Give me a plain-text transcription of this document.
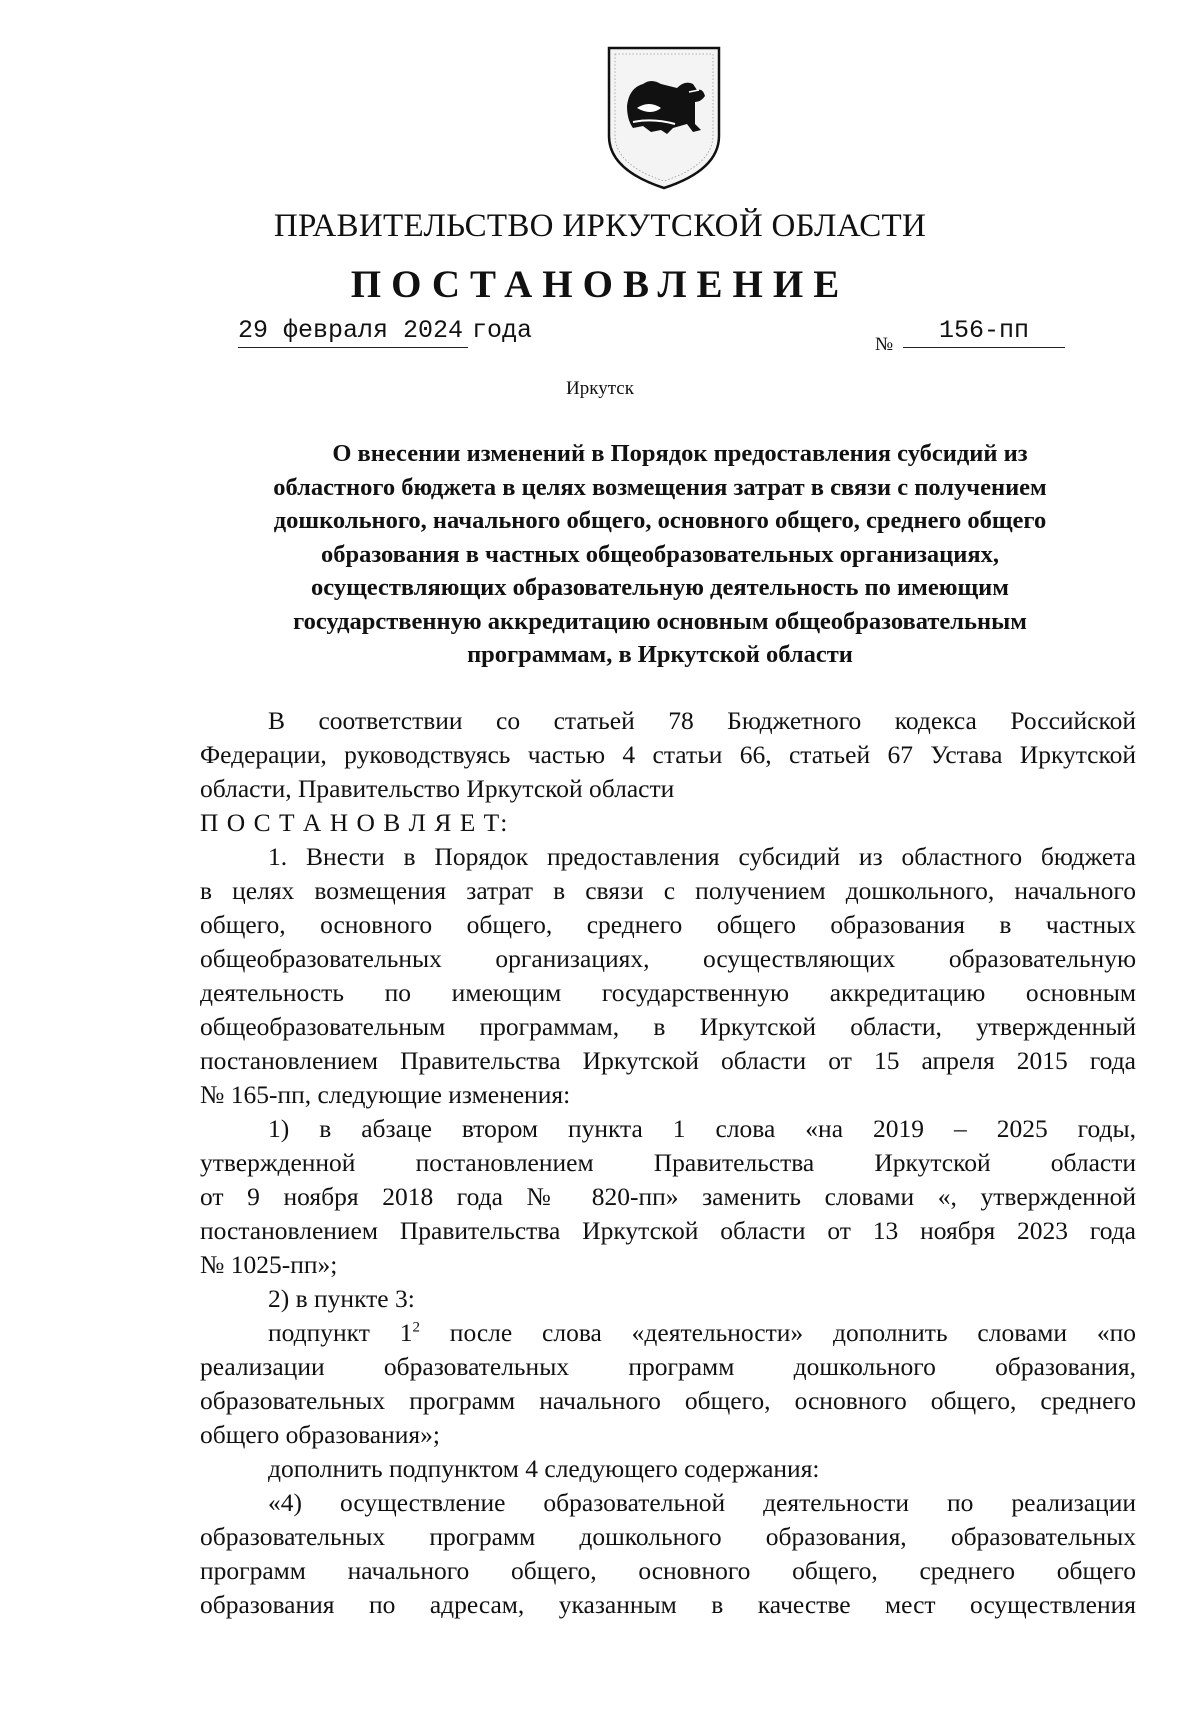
ПРАВИТЕЛЬСТВО ИРКУТСКОЙ ОБЛАСТИ
ПОСТАНОВЛЕНИЕ
29 февраля 2024 года	№	156-пп
Иркутск
О внесении изменений в Порядок предоставления субсидий из
областного бюджета в целях возмещения затрат в связи с получением
дошкольного, начального общего, основного общего, среднего общего
образования в частных общеобразовательных организациях,
осуществляющих образовательную деятельность по имеющим
государственную аккредитацию основным общеобразовательным
программам, в Иркутской области
В соответствии со статьей 78 Бюджетного кодекса Российской
Федерации, руководствуясь частью 4 статьи 66, статьей 67 Устава Иркутской
области, Правительство Иркутской области
П О С Т А Н О В Л Я Е Т:
1. Внести в Порядок предоставления субсидий из областного бюджета
в целях возмещения затрат в связи с получением дошкольного, начального
общего, основного общего, среднего общего образования в частных
общеобразовательных организациях, осуществляющих образовательную
деятельность по имеющим государственную аккредитацию основным
общеобразовательным программам, в Иркутской области, утвержденный
постановлением Правительства Иркутской области от 15 апреля 2015 года
№ 165-пп, следующие изменения:
1) в абзаце втором пункта 1 слова «на 2019 – 2025 годы,
утвержденной постановлением Правительства Иркутской области
от 9 ноября 2018 года № 820-пп» заменить словами «, утвержденной
постановлением Правительства Иркутской области от 13 ноября 2023 года
№ 1025-пп»;
2) в пункте 3:
подпункт $1^2$ после слова «деятельности» дополнить словами «по
реализации образовательных программ дошкольного образования,
образовательных программ начального общего, основного общего, среднего
общего образования»;
дополнить подпунктом 4 следующего содержания:
«4) осуществление образовательной деятельности по реализации
образовательных программ дошкольного образования, образовательных
программ начального общего, основного общего, среднего общего
образования по адресам, указанным в качестве мест осуществления
